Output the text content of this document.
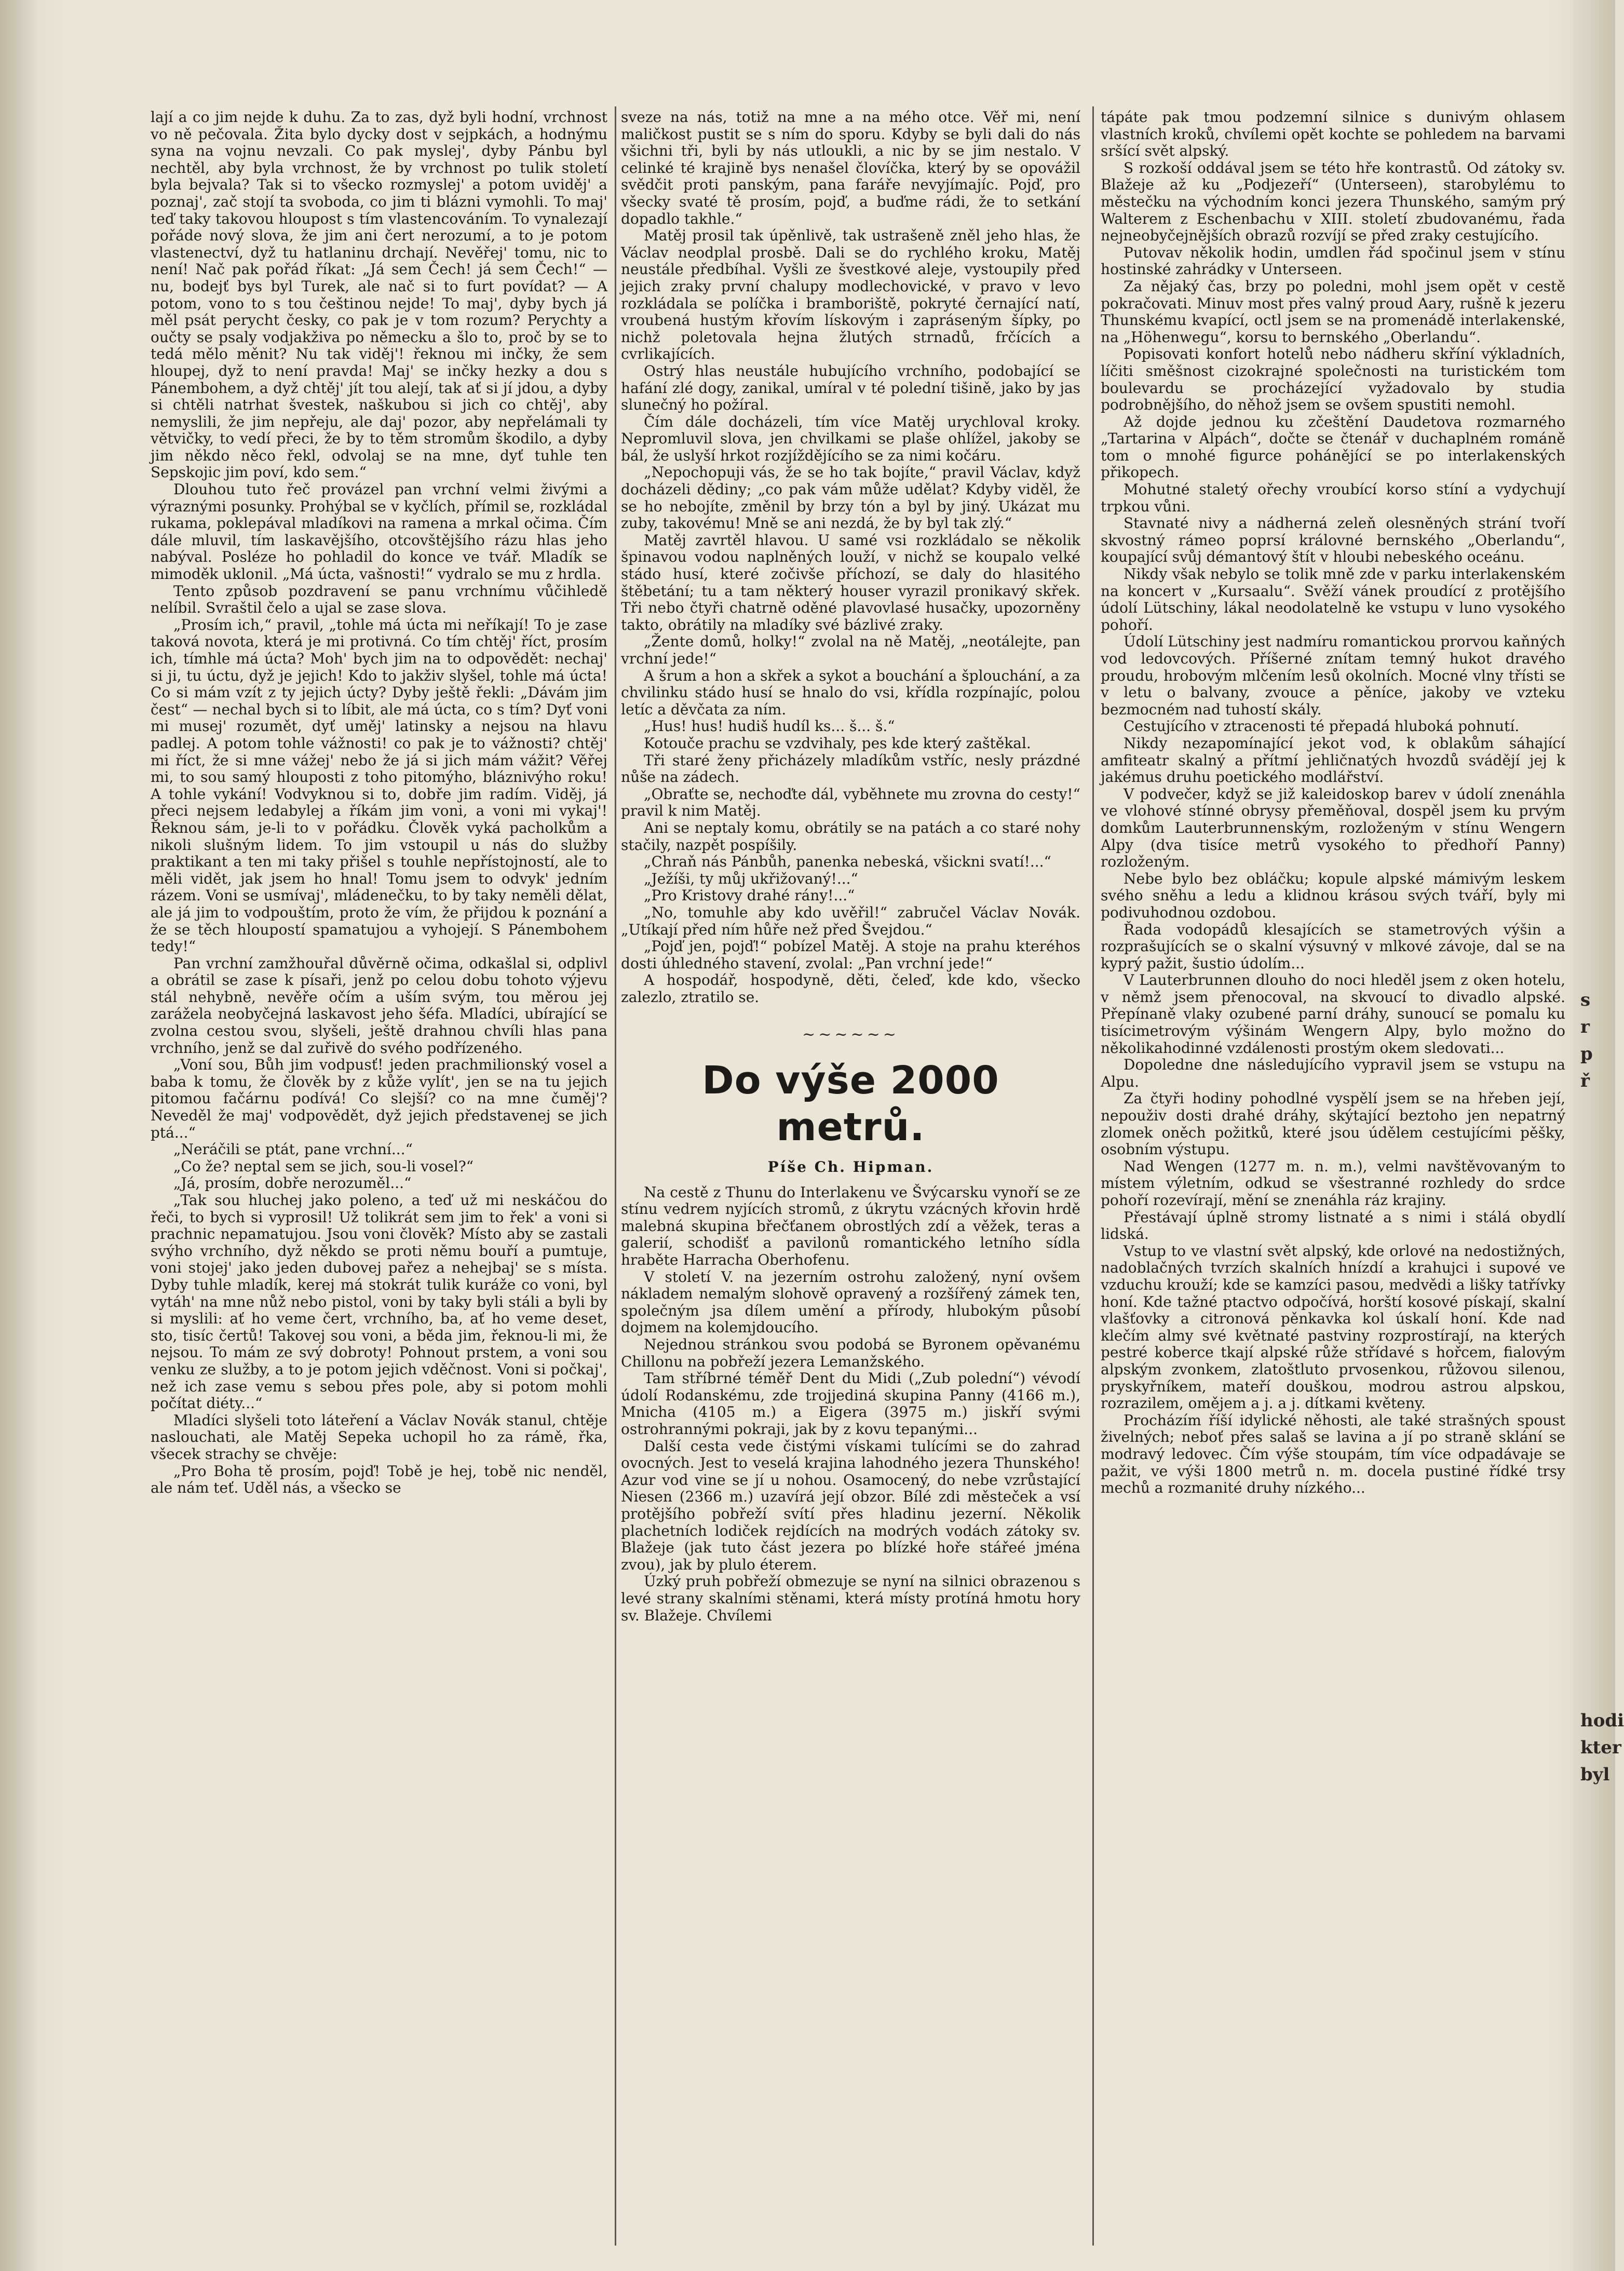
lají a co jim nejde k duhu. Za to zas, dyž byli hodní, vrchnost vo ně pečovala. Žita bylo dycky dost v sejpkách, a hodnýmu syna na vojnu nevzali. Co pak myslej', dyby Pánbu byl nechtěl, aby byla vrchnost, že by vrchnost po tulik století byla bejvala? Tak si to všecko rozmyslej' a potom uviděj' a poznaj', zač stojí ta svoboda, co jim ti blázni vymohli. To maj' teď taky takovou hloupost s tím vlastencováním. To vynalezají pořáde nový slova, že jim ani čert nerozumí, a to je potom vlastenectví, dyž tu hatlaninu drchají. Nevěřej' tomu, nic to není! Nač pak pořád říkat: „Já sem Čech! já sem Čech!“ — nu, bodejť bys byl Turek, ale nač si to furt povídat? — A potom, vono to s tou češtinou nejde! To maj', dyby bych já měl psát perycht česky, co pak je v tom rozum? Perychty a oučty se psaly vodjakživa po německu a šlo to, proč by se to tedá mělo měnit? Nu tak viděj'! řeknou mi inčky, že sem hloupej, dyž to není pravda! Maj' se inčky hezky a dou s Pánembohem, a dyž chtěj' jít tou alejí, tak ať si jí jdou, a dyby si chtěli natrhat švestek, naškubou si jich co chtěj', aby nemyslili, že jim nepřeju, ale daj' pozor, aby nepřelámali ty větvičky, to vedí přeci, že by to těm stromům škodilo, a dyby jim někdo něco řekl, odvolaj se na mne, dyť tuhle ten Sepskojic jim poví, kdo sem.“

Dlouhou tuto řeč provázel pan vrchní velmi živými a výraznými posunky. Prohýbal se v kyčlích, přímil se, rozkládal rukama, poklepával mladíkovi na ramena a mrkal očima. Čím dále mluvil, tím laskavějšího, otcovštějšího rázu hlas jeho nabýval. Posléze ho pohladil do konce ve tvář. Mladík se mimoděk uklonil. „Má úcta, vašnosti!“ vydralo se mu z hrdla.

Tento způsob pozdravení se panu vrchnímu vůčihledě nelíbil. Svraštil čelo a ujal se zase slova.

„Prosím ich,“ pravil, „tohle má úcta mi neříkají! To je zase taková novota, která je mi protivná. Co tím chtěj' říct, prosím ich, tímhle má úcta? Moh' bych jim na to odpovědět: nechaj' si ji, tu úctu, dyž je jejich! Kdo to jakživ slyšel, tohle má úcta! Co si mám vzít z ty jejich úcty? Dyby ještě řekli: „Dávám jim čest“ — nechal bych si to líbit, ale má úcta, co s tím? Dyť voni mi musej' rozumět, dyť uměj' latinsky a nejsou na hlavu padlej. A potom tohle vážnosti! co pak je to vážnosti? chtěj' mi říct, že si mne vážej' nebo že já si jich mám vážit? Věřej mi, to sou samý hlouposti z toho pitomýho, bláznivýho roku! A tohle vykání! Vodvyknou si to, dobře jim radím. Viděj, já přeci nejsem ledabylej a říkám jim voni, a voni mi vykaj'! Řeknou sám, je-li to v pořádku. Člověk vyká pacholkům a nikoli slušným lidem. To jim vstoupil u nás do služby praktikant a ten mi taky přišel s touhle nepřístojností, ale to měli vidět, jak jsem ho hnal! Tomu jsem to odvyk' jedním rázem. Voni se usmívaj', mládenečku, to by taky neměli dělat, ale já jim to vodpouštím, proto že vím, že přijdou k poznání a že se těch hloupostí spamatujou a vyhojejí. S Pánembohem tedy!“

Pan vrchní zamžhouřal důvěrně očima, odkašlal si, odplivl a obrátil se zase k písaři, jenž po celou dobu tohoto výjevu stál nehybně, nevěře očím a uším svým, tou měrou jej zarážela neobyčejná laskavost jeho šéfa. Mladíci, ubírající se zvolna cestou svou, slyšeli, ještě drahnou chvíli hlas pana vrchního, jenž se dal zuřivě do svého podřízeného.

„Voní sou, Bůh jim vodpusť! jeden prachmilionský vosel a baba k tomu, že člověk by z kůže vylít', jen se na tu jejich pitomou fačárnu podívá! Co slejší? co na mne čuměj'? Neveděl že maj' vodpovědět, dyž jejich představenej se jich ptá...“

„Neráčili se ptát, pane vrchní...“

„Co že? neptal sem se jich, sou-li vosel?“

„Já, prosím, dobře nerozuměl...“

„Tak sou hluchej jako poleno, a teď už mi neskáčou do řeči, to bych si vyprosil! Už tolikrát sem jim to řek' a voni si prachnic nepamatujou. Jsou voni člověk? Místo aby se zastali svýho vrchního, dyž někdo se proti němu bouří a pumtuje, voni stojej' jako jeden dubovej pařez a nehejbaj' se s místa. Dyby tuhle mladík, kerej má stokrát tulik kuráže co voni, byl vytáh' na mne nůž nebo pistol, voni by taky byli stáli a byli by si myslili: ať ho veme čert, vrchního, ba, ať ho veme deset, sto, tisíc čertů! Takovej sou voni, a běda jim, řeknou-li mi, že nejsou. To mám ze svý dobroty! Pohnout prstem, a voni sou venku ze služby, a to je potom jejich vděčnost. Voni si počkaj', než ich zase vemu s sebou přes pole, aby si potom mohli počítat diéty...“

Mladíci slyšeli toto láteření a Václav Novák stanul, chtěje naslouchati, ale Matěj Sepeka uchopil ho za rámě, řka, všecek strachy se chvěje:

„Pro Boha tě prosím, pojď! Tobě je hej, tobě nic nenděl, ale nám teť. Uděl nás, a všecko se

sveze na nás, totiž na mne a na mého otce. Věř mi, není maličkost pustit se s ním do sporu. Kdyby se byli dali do nás všichni tři, byli by nás utloukli, a nic by se jim nestalo. V celinké té krajině bys nenašel človíčka, který by se opovážil svědčit proti panským, pana faráře nevyjímajíc. Pojď, pro všecky svaté tě prosím, pojď, a buďme rádi, že to setkání dopadlo takhle.“

Matěj prosil tak úpěnlivě, tak ustrašeně zněl jeho hlas, že Václav neodplal prosbě. Dali se do rychlého kroku, Matěj neustále předbíhal. Vyšli ze švestkové aleje, vystoupily před jejich zraky první chalupy modlechovické, v pravo v levo rozkládala se políčka i bramboriště, pokryté černající natí, vroubená hustým křovím lískovým i zapráseným šípky, po nichž poletovala hejna žlutých strnadů, frčících a cvrlikajících.

Ostrý hlas neustále hubujícího vrchního, podobající se hafání zlé dogy, zanikal, umíral v té polední tišině, jako by jas slunečný ho požíral.

Čím dále docházeli, tím více Matěj urychloval kroky. Nepromluvil slova, jen chvilkami se plaše ohlížel, jakoby se bál, že uslyší hrkot rozjíždějícího se za nimi kočáru.

„Nepochopuji vás, že se ho tak bojíte,“ pravil Václav, když docházeli dědiny; „co pak vám může udělat? Kdyby viděl, že se ho nebojíte, změnil by brzy tón a byl by jiný. Ukázat mu zuby, takovému! Mně se ani nezdá, že by byl tak zlý.“

Matěj zavrtěl hlavou. U samé vsi rozkládalo se několik špinavou vodou naplněných louží, v nichž se koupalo velké stádo husí, které zočivše příchozí, se daly do hlasitého štěbetání; tu a tam některý houser vyrazil pronikavý skřek. Tři nebo čtyři chatrně oděné plavovlasé husačky, upozorněny takto, obrátily na mladíky své bázlivé zraky.

„Žente domů, holky!“ zvolal na ně Matěj, „neotálejte, pan vrchní jede!“

A šrum a hon a skřek a sykot a bouchání a šplouchání, a za chvilinku stádo husí se hnalo do vsi, křídla rozpínajíc, polou letíc a děvčata za ním.

„Hus! hus! hudiš hudíl ks... š... š.“

Kotouče prachu se vzdvihaly, pes kde který zaštěkal.

Tři staré ženy přicházely mladíkům vstříc, nesly prázdné nůše na zádech.

„Obraťte se, nechoďte dál, vyběhnete mu zrovna do cesty!“ pravil k nim Matěj.

Ani se neptaly komu, obrátily se na patách a co staré nohy stačily, nazpět pospíšily.

„Chraň nás Pánbůh, panenka nebeská, všickni svatí!...“

„Ježíši, ty můj ukřižovaný!...“

„Pro Kristovy drahé rány!...“

„No, tomuhle aby kdo uvěřil!“ zabručel Václav Novák. „Utíkají před ním hůře než před Švejdou.“

„Pojď jen, pojď!“ pobízel Matěj. A stoje na prahu kteréhos dosti úhledného stavení, zvolal: „Pan vrchní jede!“

A hospodář, hospodyně, děti, čeleď, kde kdo, všecko zalezlo, ztratilo se.

~~~~~~
Do výše 2000 metrů.
Píše Ch. Hipman.

Na cestě z Thunu do Interlakenu ve Švýcarsku vynoří se ze stínu vedrem nyjících stromů, z úkrytu vzácných křovin hrdě malebná skupina břečťanem obrostlých zdí a věžek, teras a galerií, schodišť a pavilonů romantického letního sídla hraběte Harracha Oberhofenu.

V století V. na jezerním ostrohu založený, nyní ovšem nákladem nemalým slohově opravený a rozšířený zámek ten, společným jsa dílem umění a přírody, hlubokým působí dojmem na kolemjdoucího.

Nejednou stránkou svou podobá se Byronem opěvanému Chillonu na pobřeží jezera Lemanžského.

Tam stříbrné téměř Dent du Midi („Zub polední“) vévodí údolí Rodanskému, zde trojjediná skupina Panny (4166 m.), Mnicha (4105 m.) a Eigera (3975 m.) jiskří svými ostrohrannými pokraji, jak by z kovu tepanými...

Další cesta vede čistými vískami tulícími se do zahrad ovocných. Jest to veselá krajina lahodného jezera Thunského! Azur vod vine se jí u nohou. Osamocený, do nebe vzrůstající Niesen (2366 m.) uzavírá její obzor. Bílé zdi městeček a vsí protějšího pobřeží svítí přes hladinu jezerní. Několik plachetních lodiček rejdících na modrých vodách zátoky sv. Blažeje (jak tuto část jezera po blízké hoře stářeé jména zvou), jak by plulo éterem.

Úzký pruh pobřeží obmezuje se nyní na silnici obrazenou s levé strany skalními stěnami, která místy protíná hmotu hory sv. Blažeje. Chvílemi

tápáte pak tmou podzemní silnice s dunivým ohlasem vlastních kroků, chvílemi opět kochte se pohledem na barvami sršící svět alpský.

S rozkoší oddával jsem se této hře kontrastů. Od zátoky sv. Blažeje až ku „Podjezeří“ (Unterseen), starobylému to městečku na východním konci jezera Thunského, samým prý Walterem z Eschenbachu v XIII. století zbudovanému, řada nejneobyčejnějších obrazů rozvíjí se před zraky cestujícího.

Putovav několik hodin, umdlen řád spočinul jsem v stínu hostinské zahrádky v Unterseen.

Za nějaký čas, brzy po poledni, mohl jsem opět v cestě pokračovati. Minuv most přes valný proud Aary, rušně k jezeru Thunskému kvapící, octl jsem se na promenádě interlakenské, na „Höhenwegu“, korsu to bernského „Oberlandu“.

Popisovati konfort hotelů nebo nádheru skříní výkladních, líčiti směšnost cizokrajné společnosti na turistickém tom boulevardu se procházející vyžadovalo by studia podrobnějšího, do něhož jsem se ovšem spustiti nemohl.

Až dojde jednou ku zčeštění Daudetova rozmarného „Tartarina v Alpách“, dočte se čtenář v duchaplném románě tom o mnohé figurce pohánějící se po interlakenských přikopech.

Mohutné staletý ořechy vroubící korso stíní a vydychují trpkou vůni.

Stavnaté nivy a nádherná zeleň olesněných strání tvoří skvostný rámeo poprsí královné bernského „Oberlandu“, koupající svůj démantový štít v hloubi nebeského oceánu.

Nikdy však nebylo se tolik mně zde v parku interlakenském na koncert v „Kursaalu“. Svěží vánek proudící z protějšího údolí Lütschiny, lákal neodolatelně ke vstupu v luno vysokého pohoří.

Údolí Lütschiny jest nadmíru romantickou prorvou kaňných vod ledovcových. Příšerné znítam temný hukot dravého proudu, hrobovým mlčením lesů okolních. Mocné vlny třísti se v letu o balvany, zvouce a pěníce, jakoby ve vzteku bezmocném nad tuhostí skály.

Cestujícího v ztracenosti té přepadá hluboká pohnutí.

Nikdy nezapomínající jekot vod, k oblakům sáhající amfiteatr skalný a přítmí jehličnatých hvozdů svádějí jej k jakémus druhu poetického modlářství.

V podvečer, když se již kaleidoskop barev v údolí znenáhla ve vlohové stínné obrysy přeměňoval, dospěl jsem ku prvým domkům Lauterbrunnenským, rozloženým v stínu Wengern Alpy (dva tisíce metrů vysokého to předhoří Panny) rozloženým.

Nebe bylo bez obláčku; kopule alpské mámivým leskem svého sněhu a ledu a klidnou krásou svých tváří, byly mi podivuhodnou ozdobou.

Řada vodopádů klesajících se stametrových výšin a rozprašujících se o skalní výsuvný v mlkové závoje, dal se na kyprý pažit, šustio údolím...

V Lauterbrunnen dlouho do noci hleděl jsem z oken hotelu, v němž jsem přenocoval, na skvoucí to divadlo alpské. Přepínaně vlaky ozubené parní dráhy, sunoucí se pomalu ku tisícimetrovým výšinám Wengern Alpy, bylo možno do několikahodinné vzdálenosti prostým okem sledovati...

Dopoledne dne následujícího vypravil jsem se vstupu na Alpu.

Za čtyři hodiny pohodlné vyspělí jsem se na hřeben její, nepouživ dosti drahé dráhy, skýtající beztoho jen nepatrný zlomek oněch požitků, které jsou údělem cestujícími pěšky, osobním výstupu.

Nad Wengen (1277 m. n. m.), velmi navštěvovaným to místem výletním, odkud se všestranné rozhledy do srdce pohoří rozevírají, mění se znenáhla ráz krajiny.

Přestávají úplně stromy listnaté a s nimi i stálá obydlí lidská.

Vstup to ve vlastní svět alpský, kde orlové na nedostižných, nadoblačných tvrzích skalních hnízdí a krahujci i supové ve vzduchu krouží; kde se kamzíci pasou, medvědi a lišky tatřívky honí. Kde tažné ptactvo odpočívá, horští kosové pískají, skalní vlašťovky a citronová pěnkavka kol úskalí honí. Kde nad klečím almy své květnaté pastviny rozprostírají, na kterých pestré koberce tkají alpské růže střídavé s hořcem, fialovým alpským zvonkem, zlatoštluto prvosenkou, růžovou silenou, pryskyřníkem, mateří douškou, modrou astrou alpskou, rozrazilem, omějem a j. a j. dítkami květeny.

Procházím říší idylické něhosti, ale také strašných spoust živelných; neboť přes salaš se lavina a jí po straně sklání se modravý ledovec. Čím výše stoupám, tím více odpadávaje se pažit, ve výši 1800 metrů n. m. docela pustiné řídké trsy mechů a rozmanité druhy nízkého...

s
r
p
ř
hodi
kter
byl
